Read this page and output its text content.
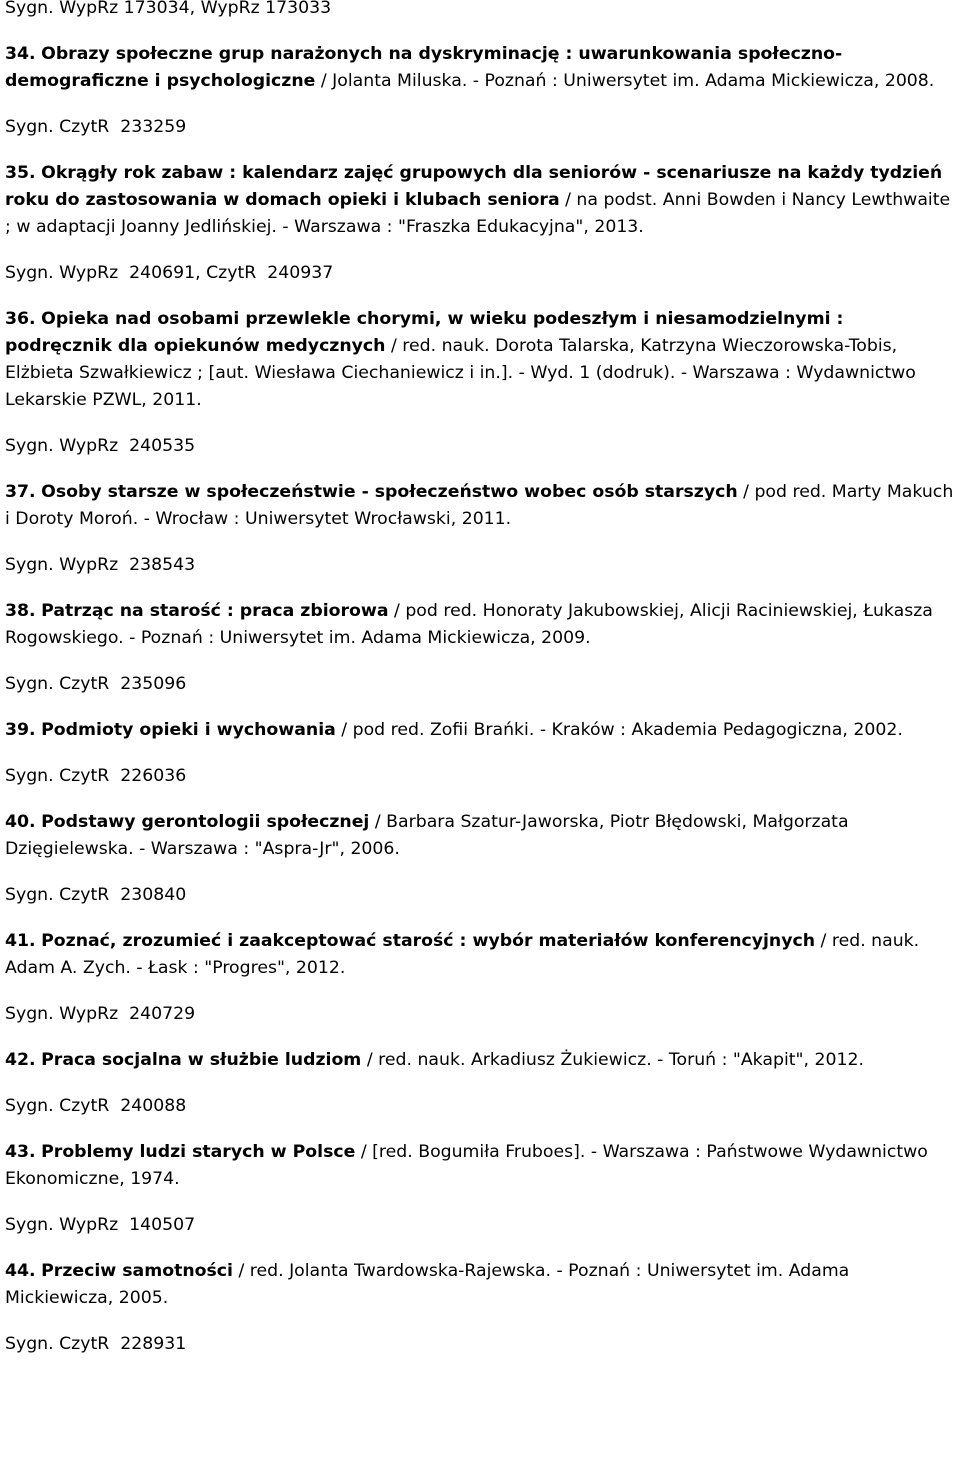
Sygn. WypRz 173034, WypRz 173033

34. Obrazy społeczne grup narażonych na dyskryminację : uwarunkowania społeczno-demograficzne i psychologiczne / Jolanta Miluska. - Poznań : Uniwersytet im. Adama Mickiewicza, 2008.

Sygn. CzytR  233259

35. Okrągły rok zabaw : kalendarz zajęć grupowych dla seniorów - scenariusze na każdy tydzień roku do zastosowania w domach opieki i klubach seniora / na podst. Anni Bowden i Nancy Lewthwaite ; w adaptacji Joanny Jedlińskiej. - Warszawa : "Fraszka Edukacyjna", 2013.

Sygn. WypRz  240691, CzytR  240937

36. Opieka nad osobami przewlekle chorymi, w wieku podeszłym i niesamodzielnymi : podręcznik dla opiekunów medycznych / red. nauk. Dorota Talarska, Katrzyna Wieczorowska-Tobis, Elżbieta Szwałkiewicz ; [aut. Wiesława Ciechaniewicz i in.]. - Wyd. 1 (dodruk). - Warszawa : Wydawnictwo Lekarskie PZWL, 2011.

Sygn. WypRz  240535

37. Osoby starsze w społeczeństwie - społeczeństwo wobec osób starszych / pod red. Marty Makuch i Doroty Moroń. - Wrocław : Uniwersytet Wrocławski, 2011.

Sygn. WypRz  238543

38. Patrząc na starość : praca zbiorowa / pod red. Honoraty Jakubowskiej, Alicji Raciniewskiej, Łukasza Rogowskiego. - Poznań : Uniwersytet im. Adama Mickiewicza, 2009.

Sygn. CzytR  235096

39. Podmioty opieki i wychowania / pod red. Zofii Brańki. - Kraków : Akademia Pedagogiczna, 2002.

Sygn. CzytR  226036

40. Podstawy gerontologii społecznej / Barbara Szatur-Jaworska, Piotr Błędowski, Małgorzata Dzięgielewska. - Warszawa : "Aspra-Jr", 2006.

Sygn. CzytR  230840

41. Poznać, zrozumieć i zaakceptować starość : wybór materiałów konferencyjnych / red. nauk. Adam A. Zych. - Łask : "Progres", 2012.

Sygn. WypRz  240729

42. Praca socjalna w służbie ludziom / red. nauk. Arkadiusz Żukiewicz. - Toruń : "Akapit", 2012.

Sygn. CzytR  240088

43. Problemy ludzi starych w Polsce / [red. Bogumiła Fruboes]. - Warszawa : Państwowe Wydawnictwo Ekonomiczne, 1974.

Sygn. WypRz  140507

44. Przeciw samotności / red. Jolanta Twardowska-Rajewska. - Poznań : Uniwersytet im. Adama Mickiewicza, 2005.

Sygn. CzytR  228931
